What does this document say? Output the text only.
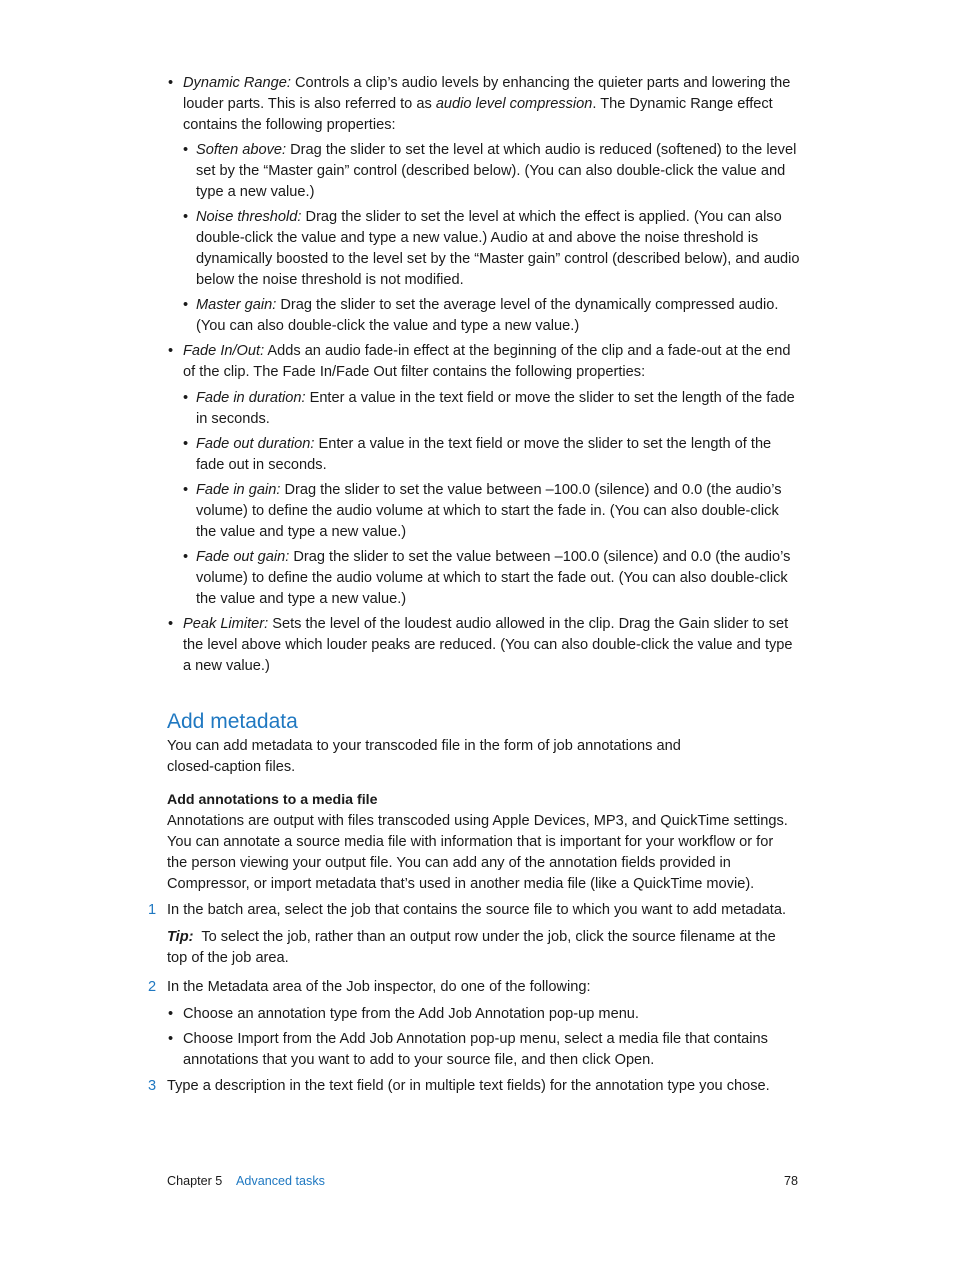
• Dynamic Range: Controls a clip’s audio levels by enhancing the quieter parts and lowering the louder parts. This is also referred to as audio level compression. The Dynamic Range effect contains the following properties:
• Soften above: Drag the slider to set the level at which audio is reduced (softened) to the level set by the “Master gain” control (described below). (You can also double-click the value and type a new value.)
• Noise threshold: Drag the slider to set the level at which the effect is applied. (You can also double-click the value and type a new value.) Audio at and above the noise threshold is dynamically boosted to the level set by the “Master gain” control (described below), and audio below the noise threshold is not modified.
• Master gain: Drag the slider to set the average level of the dynamically compressed audio. (You can also double-click the value and type a new value.)
• Fade In/Out: Adds an audio fade-in effect at the beginning of the clip and a fade-out at the end of the clip. The Fade In/Fade Out filter contains the following properties:
• Fade in duration: Enter a value in the text field or move the slider to set the length of the fade in seconds.
• Fade out duration: Enter a value in the text field or move the slider to set the length of the fade out in seconds.
• Fade in gain: Drag the slider to set the value between –100.0 (silence) and 0.0 (the audio’s volume) to define the audio volume at which to start the fade in. (You can also double-click the value and type a new value.)
• Fade out gain: Drag the slider to set the value between –100.0 (silence) and 0.0 (the audio’s volume) to define the audio volume at which to start the fade out. (You can also double-click the value and type a new value.)
• Peak Limiter: Sets the level of the loudest audio allowed in the clip. Drag the Gain slider to set the level above which louder peaks are reduced. (You can also double-click the value and type a new value.)
Add metadata
You can add metadata to your transcoded file in the form of job annotations and closed-caption files.
Add annotations to a media file
Annotations are output with files transcoded using Apple Devices, MP3, and QuickTime settings. You can annotate a source media file with information that is important for your workflow or for the person viewing your output file. You can add any of the annotation fields provided in Compressor, or import metadata that’s used in another media file (like a QuickTime movie).
1 In the batch area, select the job that contains the source file to which you want to add metadata.
Tip:  To select the job, rather than an output row under the job, click the source filename at the top of the job area.
2 In the Metadata area of the Job inspector, do one of the following:
• Choose an annotation type from the Add Job Annotation pop-up menu.
• Choose Import from the Add Job Annotation pop-up menu, select a media file that contains annotations that you want to add to your source file, and then click Open.
3 Type a description in the text field (or in multiple text fields) for the annotation type you chose.
Chapter 5 Advanced tasks	78
